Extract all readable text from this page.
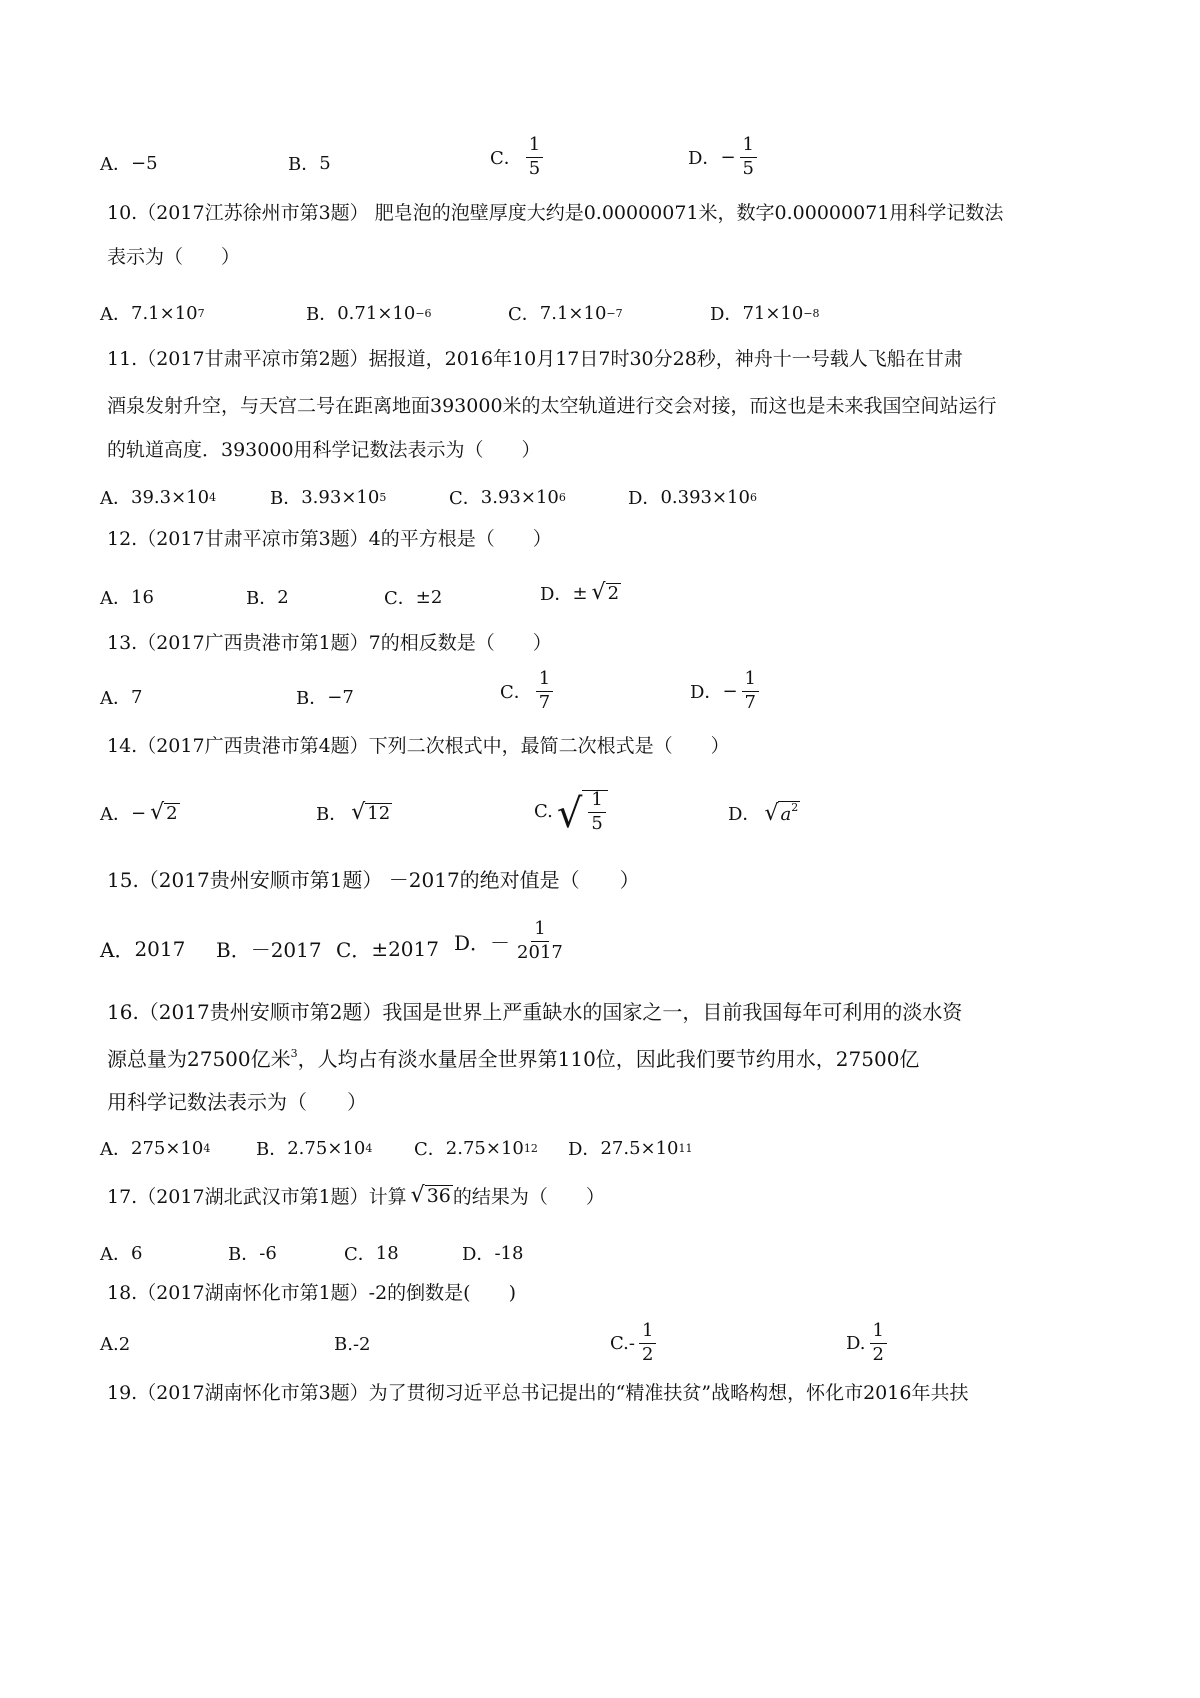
A． −5	B． 5	C． $\frac{1}{5}$	D． − $\frac{1}{5}$
10.（2017江苏徐州市第3题） 肥皂泡的泡壁厚度大约是0.00000071米，数字0.00000071用科学记数法
表示为（　　）
A． 7.1×10 7	B． 0.71×10 −6	C． 7.1×10 −7	D． 71×10 −8
11.（2017甘肃平凉市第2题）据报道，2016年10月17日7时30分28秒，神舟十一号载人飞船在甘肃
酒泉发射升空，与天宫二号在距离地面393000米的太空轨道进行交会对接，而这也是未来我国空间站运行
的轨道高度．393000用科学记数法表示为（　　）
A． 39.3×10 4	B． 3.93×10 5	C． 3.93×10 6	D． 0.393×10 6
12.（2017甘肃平凉市第3题）4的平方根是（　　）
A． 16	B． 2	C． ±2	D． ± √ 2
13.（2017广西贵港市第1题）7的相反数是（　　）
A． 7	B． −7	C． $\frac{1}{7}$	D． − $\frac{1}{7}$
14.（2017广西贵港市第4题）下列二次根式中，最简二次根式是（　　）
A． − √ 2	B． √ 12	C. √ $\frac{1}{5}$	D． √ $a^2$
15.（2017贵州安顺市第1题） －2017的绝对值是（　　）
A． 2017 B． －2017 C． ±2017 D． － $\frac{1}{2017}$
16.（2017贵州安顺市第2题）我国是世界上严重缺水的国家之一，目前我国每年可利用的淡水资
源总量为27500亿米$^3$，人均占有淡水量居全世界第110位，因此我们要节约用水，27500亿
用科学记数法表示为（　　）
A． 275×10 4	B． 2.75×10 4 C． 2.75×10 12 D． 27.5×10 11
17.（2017湖北武汉市第1题）计算 √ 36 的结果为（　　）
A． 6	B． -6	C． 18	D． -18
18.（2017湖南怀化市第1题）-2的倒数是(　　)
A. 2	B. -2	C. - $\frac{1}{2}$	D. $\frac{1}{2}$
19.（2017湖南怀化市第3题）为了贯彻习近平总书记提出的“精准扶贫”战略构想，怀化市2016年共扶
